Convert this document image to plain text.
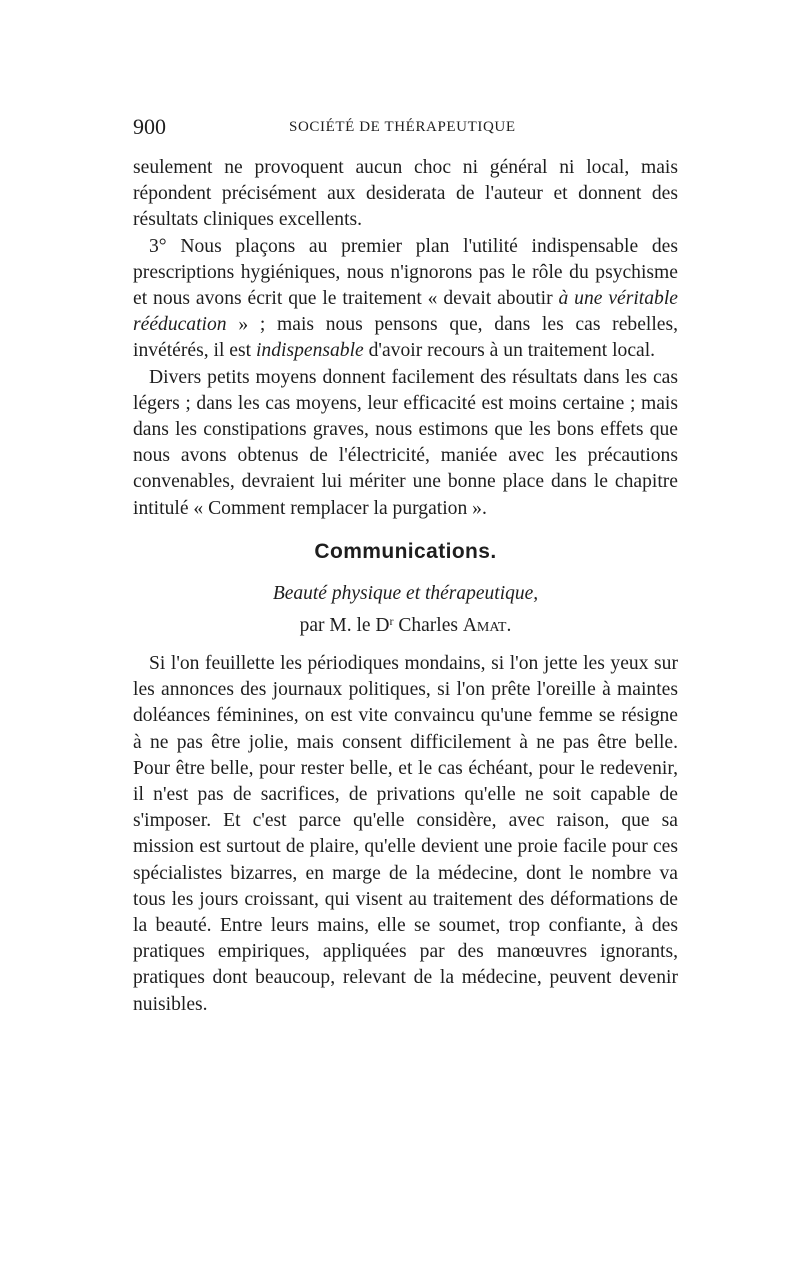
900	SOCIÉTÉ DE THÉRAPEUTIQUE

seulement ne provoquent aucun choc ni général ni local, mais répondent précisément aux desiderata de l'auteur et donnent des résultats cliniques excellents.

3° Nous plaçons au premier plan l'utilité indispensable des prescriptions hygiéniques, nous n'ignorons pas le rôle du psychisme et nous avons écrit que le traitement « devait aboutir à une véritable rééducation » ; mais nous pensons que, dans les cas rebelles, invétérés, il est indispensable d'avoir recours à un traitement local.

Divers petits moyens donnent facilement des résultats dans les cas légers ; dans les cas moyens, leur efficacité est moins certaine ; mais dans les constipations graves, nous estimons que les bons effets que nous avons obtenus de l'électricité, maniée avec les précautions convenables, devraient lui mériter une bonne place dans le chapitre intitulé « Comment remplacer la purgation ».

Communications.
Beauté physique et thérapeutique,
par M. le $D^r$ Charles Amat.

Si l'on feuillette les périodiques mondains, si l'on jette les yeux sur les annonces des journaux politiques, si l'on prête l'oreille à maintes doléances féminines, on est vite convaincu qu'une femme se résigne à ne pas être jolie, mais consent difficilement à ne pas être belle. Pour être belle, pour rester belle, et le cas échéant, pour le redevenir, il n'est pas de sacrifices, de privations qu'elle ne soit capable de s'imposer. Et c'est parce qu'elle considère, avec raison, que sa mission est surtout de plaire, qu'elle devient une proie facile pour ces spécialistes bizarres, en marge de la médecine, dont le nombre va tous les jours croissant, qui visent au traitement des déformations de la beauté. Entre leurs mains, elle se soumet, trop confiante, à des pratiques empiriques, appliquées par des manœuvres ignorants, pratiques dont beaucoup, relevant de la médecine, peuvent devenir nuisibles.
